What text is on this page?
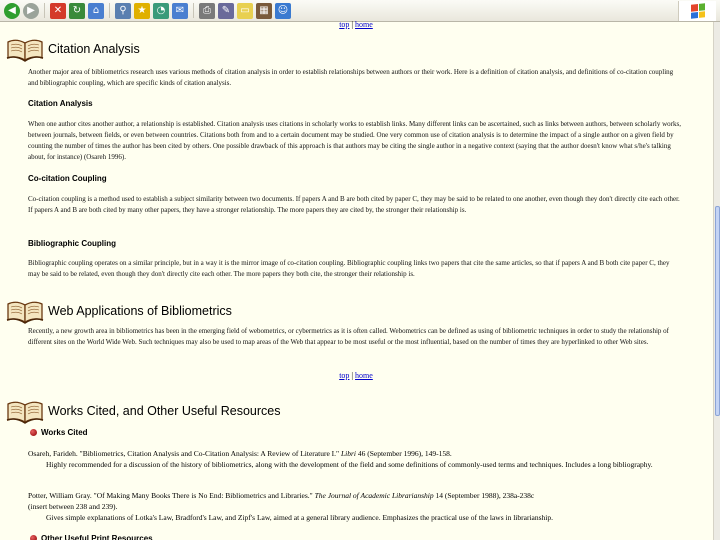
◀	▶	✕	↻	⌂	⚲	★	◔	✉	⎙	✎	▭ ▦ ☺
top | home
Citation Analysis
Another major area of bibliometrics research uses various methods of citation analysis in order to establish relationships between authors or their work. Here is a definition of citation analysis, and definitions of co-citation coupling and bibliographic coupling, which are specific kinds of citation analysis.
Citation Analysis
When one author cites another author, a relationship is established. Citation analysis uses citations in scholarly works to establish links. Many different links can be ascertained, such as links between authors, between scholarly works, between journals, between fields, or even between countries. Citations both from and to a certain document may be studied. One very common use of citation analysis is to determine the impact of a single author on a given field by counting the number of times the author has been cited by others. One possible drawback of this approach is that authors may be citing the single author in a negative context (saying that the author doesn't know what s/he's talking about, for instance) (Osareh 1996).
Co-citation Coupling
Co-citation coupling is a method used to establish a subject similarity between two documents. If papers A and B are both cited by paper C, they may be said to be related to one another, even though they don't directly cite each other. If papers A and B are both cited by many other papers, they have a stronger relationship. The more papers they are cited by, the stronger their relationship is.
Bibliographic Coupling
Bibliographic coupling operates on a similar principle, but in a way it is the mirror image of co-citation coupling. Bibliographic coupling links two papers that cite the same articles, so that if papers A and B both cite paper C, they may be said to be related, even though they don't directly cite each other. The more papers they both cite, the stronger their relationship is.
Web Applications of Bibliometrics
Recently, a new growth area in bibliometrics has been in the emerging field of webometrics, or cybermetrics as it is often called. Webometrics can be defined as using of bibliometric techniques in order to study the relationship of different sites on the World Wide Web. Such techniques may also be used to map areas of the Web that appear to be most useful or the most influential, based on the number of times they are hyperlinked to other Web sites.
top | home
Works Cited, and Other Useful Resources
Works Cited
Osareh, Farideh. "Bibliometrics, Citation Analysis and Co-Citation Analysis: A Review of Literature I." Libri 46 (September 1996), 149-158.
Highly recommended for a discussion of the history of bibliometrics, along with the development of the field and some definitions of commonly-used terms and techniques. Includes a long bibliography.
Potter, William Gray. "Of Making Many Books There is No End: Bibliometrics and Libraries." The Journal of Academic Librarianship 14 (September 1988), 238a-238c
(insert between 238 and 239).
Gives simple explanations of Lotka's Law, Bradford's Law, and Zipf's Law, aimed at a general library audience. Emphasizes the practical use of the laws in librarianship.
Other Useful Print Resources
